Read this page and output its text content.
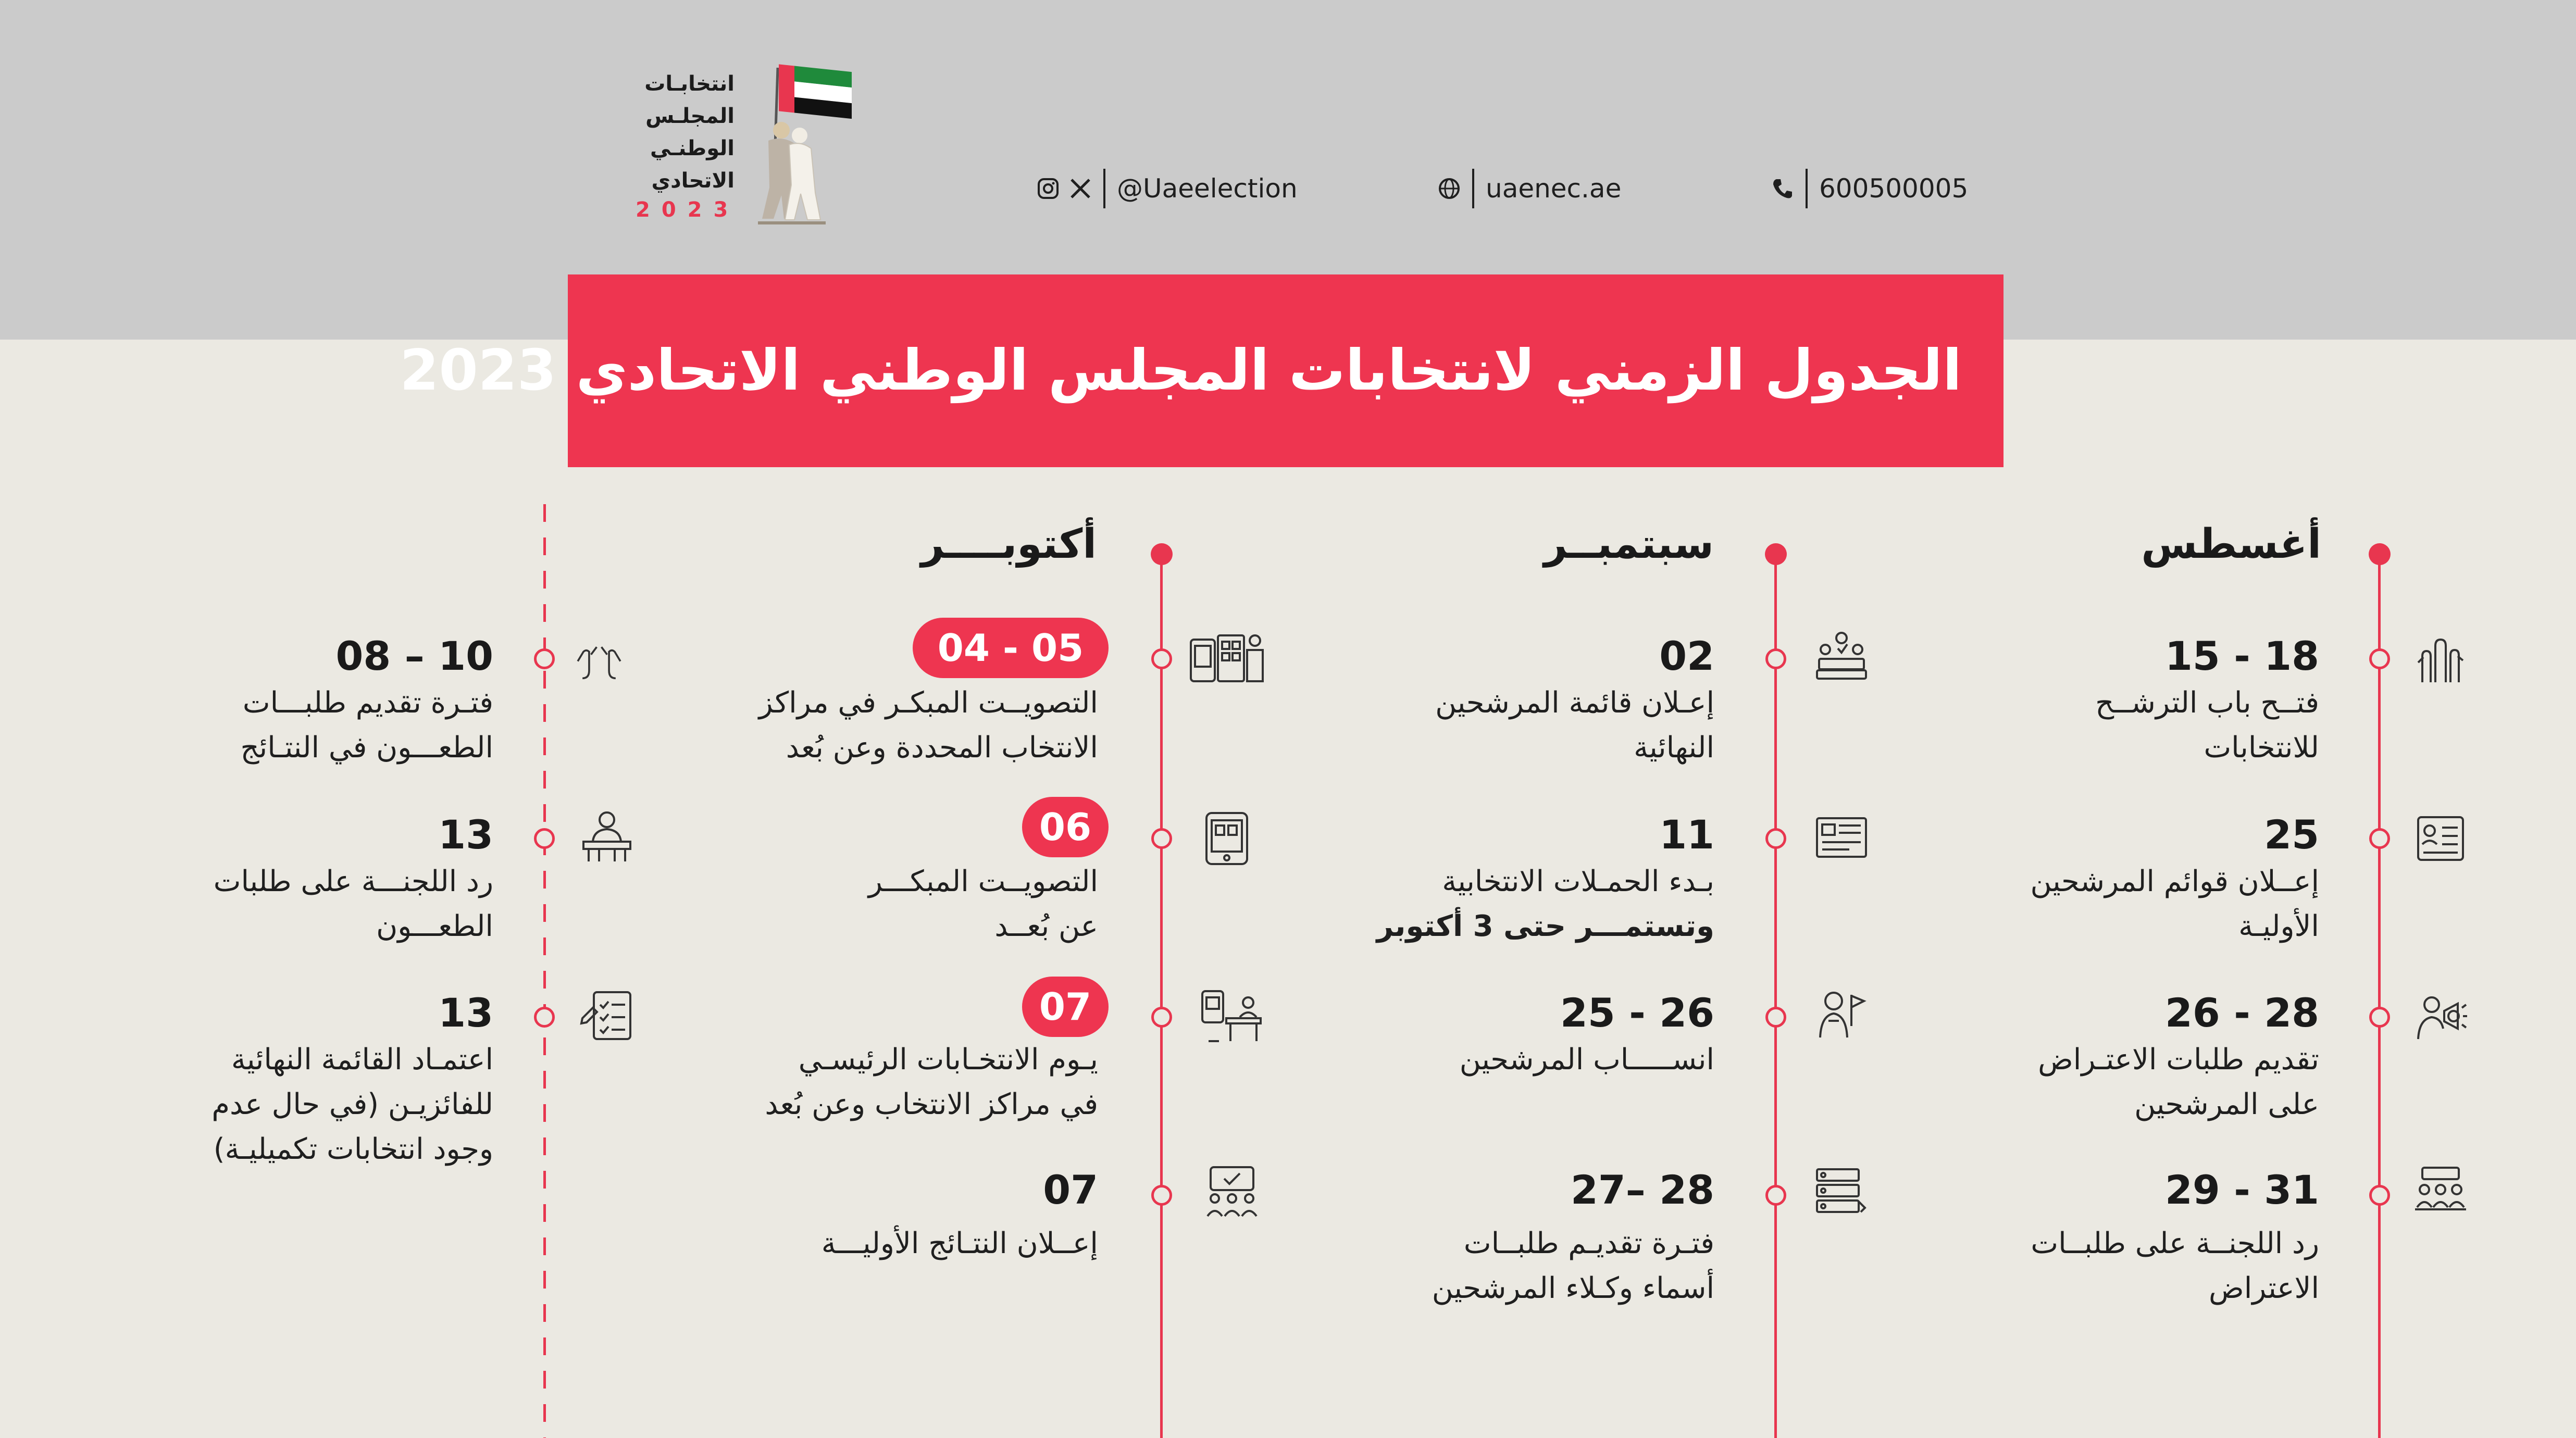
انتخابـات
المجلـس
الوطنـي
الاتحادي
2023
@Uaeelection	uaenec.ae	600500005
الجدول الزمني لانتخابات المجلس الوطني الاتحادي 2023
أغسطس
سبتمبــر
أكتوبــــر
15 - 18
فتــح باب الترشــح
للانتخابات
25
إعــلان قوائم المرشحين
الأوليـة
26 - 28
تقديم طلبات الاعتـراض
على المرشحين
29 - 31
رد اللجنــة على طلبــات
الاعتراض
02
إعـلان قائمة المرشحين
النهائية
11
بـدء الحمـلات الانتخابية
وتستمـــر حتى 3 أكتوبر
25 - 26
انســـــاب المرشحين
27– 28
فتـرة تقديـم طلبــات
أسماء وكـلاء المرشحين
04 - 05
التصويــت المبكـر في مراكز
الانتخاب المحددة وعن بُعد
06
التصويــت المبكـــر
عن بُعــد
07
يـوم الانتخـابات الرئيسـي
في مراكز الانتخاب وعن بُعد
07
إعــلان النتـائج الأوليـــة
08 – 10
فتـرة تقديم طلبـــات
الطعـــون في النتـائج
13
رد اللجنـــة على طلبات
الطعـــون
13
اعتمـاد القائمة النهائية
للفائزيـن (في حال عدم
وجود انتخابات تكميليـة)
